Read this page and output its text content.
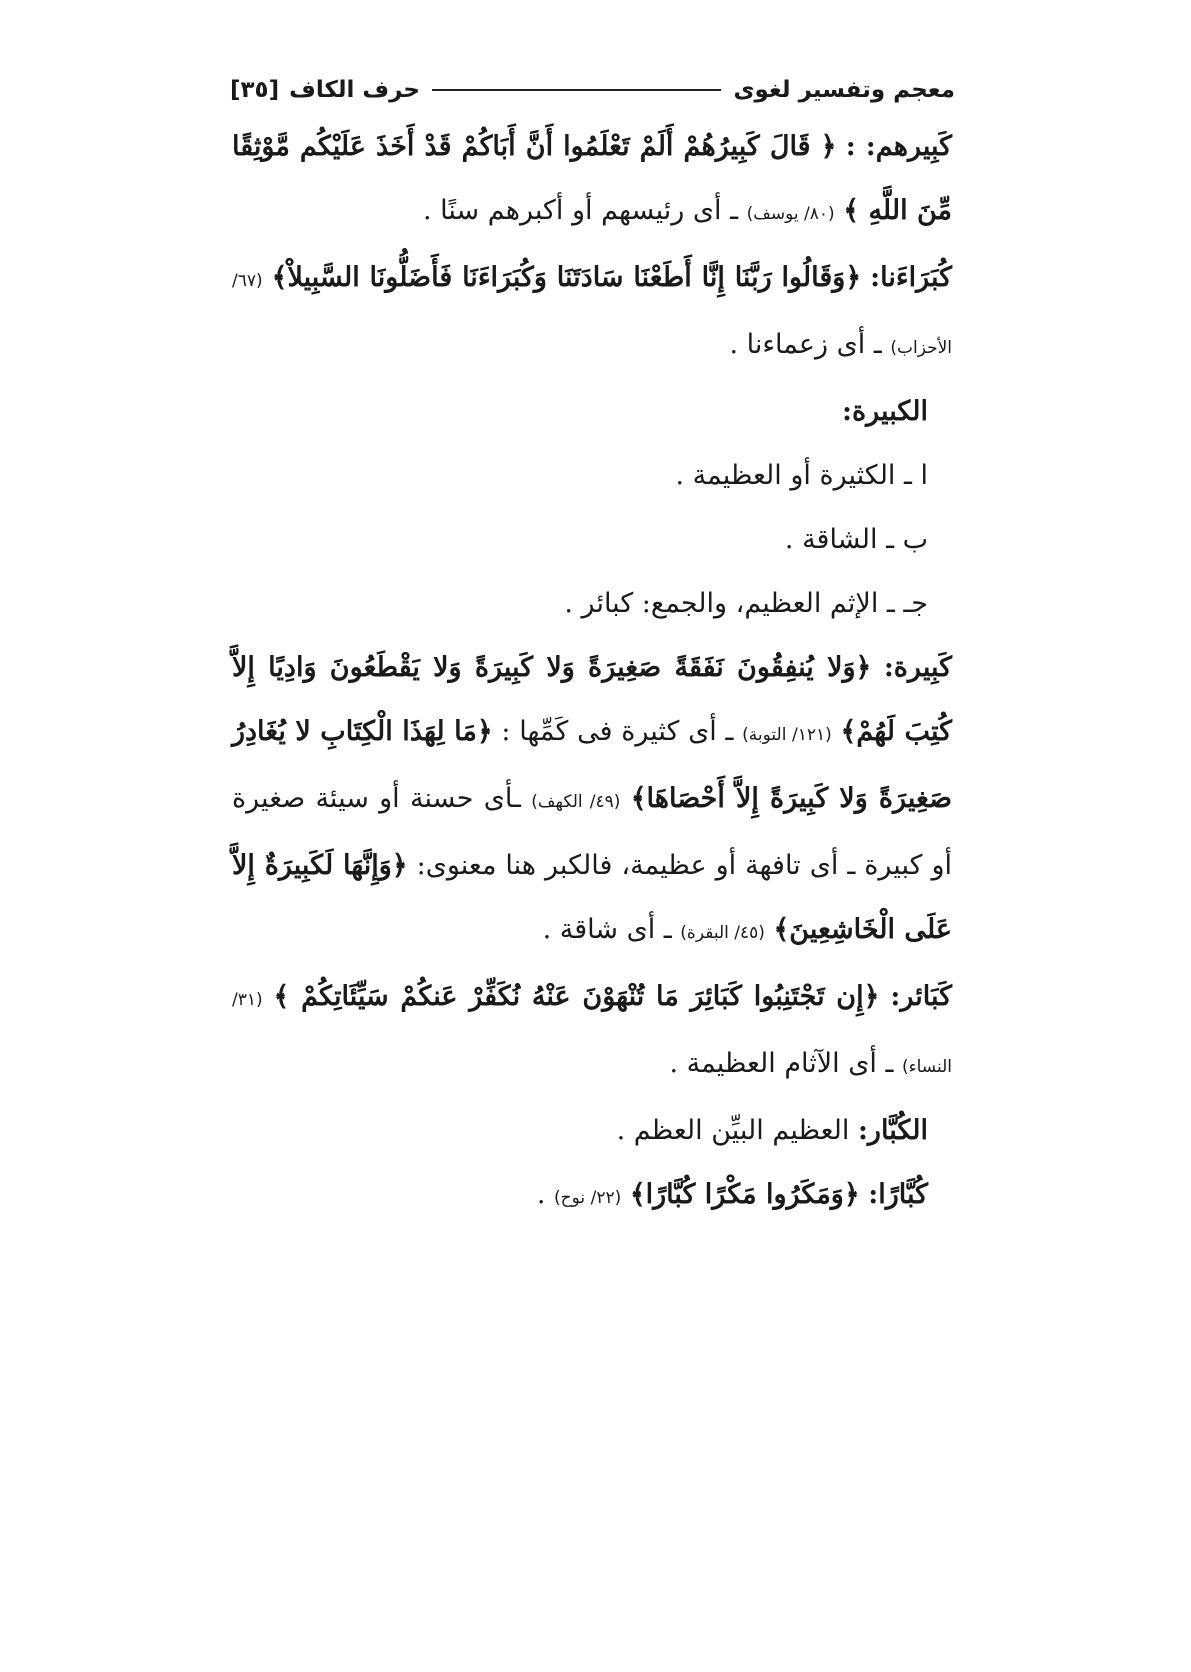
معجم وتفسير لغوى
حرف الكاف
[٣٥]

كَبِيرهم: : ﴿ قَالَ كَبِيرُهُمْ أَلَمْ تَعْلَمُوا أَنَّ أَبَاكُمْ قَدْ أَخَذَ عَلَيْكُم مَّوْثِقًا مِّنَ اللَّهِ ﴾ (٨٠/ يوسف) ـ أى رئيسهم أو أكبرهم سنًا .

كُبَرَاءَنا: ﴿وَقَالُوا رَبَّنَا إِنَّا أَطَعْنَا سَادَتَنَا وَكُبَرَاءَنَا فَأَضَلُّونَا السَّبِيلاْ﴾ (٦٧/ الأحزاب) ـ أى زعماءنا .

الكبيرة:

ا ـ الكثيرة أو العظيمة .

ب ـ الشاقة .

جـ ـ الإثم العظيم، والجمع: كبائر .

كَبِيرة: ﴿وَلا يُنفِقُونَ نَفَقَةً صَغِيرَةً وَلا كَبِيرَةً وَلا يَقْطَعُونَ وَادِيًا إِلاَّ كُتِبَ لَهُمْ﴾ (١٢١/ التوبة) ـ أى كثيرة فى كَمِّها : ﴿مَا لِهَذَا الْكِتَابِ لا يُغَادِرُ صَغِيرَةً وَلا كَبِيرَةً إِلاَّ أَحْصَاهَا﴾ (٤٩/ الكهف) ـأى حسنة أو سيئة صغيرة أو كبيرة ـ أى تافهة أو عظيمة، فالكبر هنا معنوى: ﴿وَإِنَّهَا لَكَبِيرَةٌ إِلاَّ عَلَى الْخَاشِعِينَ﴾ (٤٥/ البقرة) ـ أى شاقة .

كَبَائر: ﴿إِن تَجْتَنِبُوا كَبَائِرَ مَا تُنْهَوْنَ عَنْهُ نُكَفِّرْ عَنكُمْ سَيِّئَاتِكُمْ ﴾ (٣١/ النساء) ـ أى الآثام العظيمة .

الكُبَّار: العظيم البيِّن العظم .

كُبَّارًا: ﴿وَمَكَرُوا مَكْرًا كُبَّارًا﴾ (٢٢/ نوح) .
